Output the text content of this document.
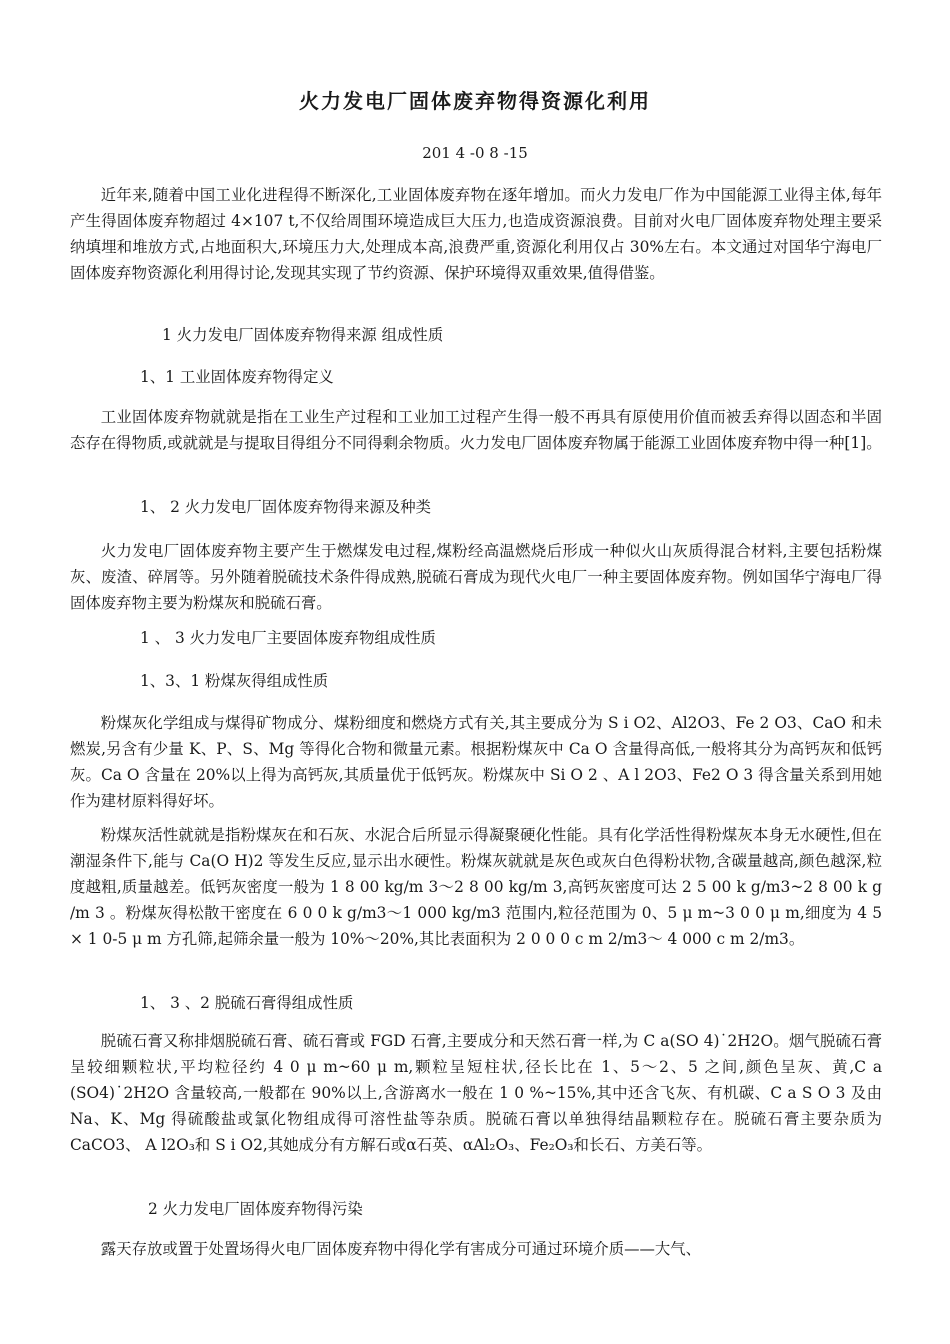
火力发电厂固体废弃物得资源化利用
201 4 -0 8 -15

近年来,随着中国工业化进程得不断深化,工业固体废弃物在逐年增加。而火力发电厂作为中国能源工业得主体,每年产生得固体废弃物超过 4×107 t,不仅给周围环境造成巨大压力,也造成资源浪费。目前对火电厂固体废弃物处理主要采纳填埋和堆放方式,占地面积大,环境压力大,处理成本高,浪费严重,资源化利用仅占 30%左右。本文通过对国华宁海电厂固体废弃物资源化利用得讨论,发现其实现了节约资源、保护环境得双重效果,值得借鉴。

1 火力发电厂固体废弃物得来源 组成性质
1、1 工业固体废弃物得定义

工业固体废弃物就就是指在工业生产过程和工业加工过程产生得一般不再具有原使用价值而被丢弃得以固态和半固态存在得物质,或就就是与提取目得组分不同得剩余物质。火力发电厂固体废弃物属于能源工业固体废弃物中得一种[1]。

1、 2 火力发电厂固体废弃物得来源及种类

火力发电厂固体废弃物主要产生于燃煤发电过程,煤粉经高温燃烧后形成一种似火山灰质得混合材料,主要包括粉煤灰、废渣、碎屑等。另外随着脱硫技术条件得成熟,脱硫石膏成为现代火电厂一种主要固体废弃物。例如国华宁海电厂得固体废弃物主要为粉煤灰和脱硫石膏。

1 、 3 火力发电厂主要固体废弃物组成性质
1、3、1 粉煤灰得组成性质

粉煤灰化学组成与煤得矿物成分、煤粉细度和燃烧方式有关,其主要成分为 S i O2、Al2O3、Fe 2 O3、CaO 和未燃炭,另含有少量 K、P、S、Mg 等得化合物和微量元素。根据粉煤灰中 Ca O 含量得高低,一般将其分为高钙灰和低钙灰。Ca O 含量在 20%以上得为高钙灰,其质量优于低钙灰。粉煤灰中 Si O 2 、A l 2O3、Fe2 O 3 得含量关系到用她作为建材原料得好坏。

粉煤灰活性就就是指粉煤灰在和石灰、水泥合后所显示得凝聚硬化性能。具有化学活性得粉煤灰本身无水硬性,但在潮湿条件下,能与 Ca(O H)2 等发生反应,显示出水硬性。粉煤灰就就是灰色或灰白色得粉状物,含碳量越高,颜色越深,粒度越粗,质量越差。低钙灰密度一般为 1 8 00 kg/m 3～2 8 00 kg/m 3,高钙灰密度可达 2 5 00 k g/m3~2 8 00 k g /m 3 。粉煤灰得松散干密度在 6 0 0 k g/m3～1 000 kg/m3 范围内,粒径范围为 0、5 μ m~3 0 0 μ m,细度为 4 5 × 1 0-5 μ m 方孔筛,起筛余量一般为 10%～20%,其比表面积为 2 0 0 0 c m 2/m3～ 4 000 c m 2/m3。

1、 3 、2 脱硫石膏得组成性质

脱硫石膏又称排烟脱硫石膏、硫石膏或 FGD 石膏,主要成分和天然石膏一样,为 C a(SO 4)˙2H2O。烟气脱硫石膏呈较细颗粒状,平均粒径约 4 0 μ m~60 μ m,颗粒呈短柱状,径长比在 1、5～2、5 之间,颜色呈灰、黄,C a (SO4)˙2H2O 含量较高,一般都在 90%以上,含游离水一般在 1 0 %~15%,其中还含飞灰、有机碳、C a S O 3 及由 Na、K、Mg 得硫酸盐或氯化物组成得可溶性盐等杂质。脱硫石膏以单独得结晶颗粒存在。脱硫石膏主要杂质为 CaCO3、 A l2O₃和 S i O2,其她成分有方解石或α石英、αAl₂O₃、Fe₂O₃和长石、方美石等。

2 火力发电厂固体废弃物得污染

露天存放或置于处置场得火电厂固体废弃物中得化学有害成分可通过环境介质——大气、
